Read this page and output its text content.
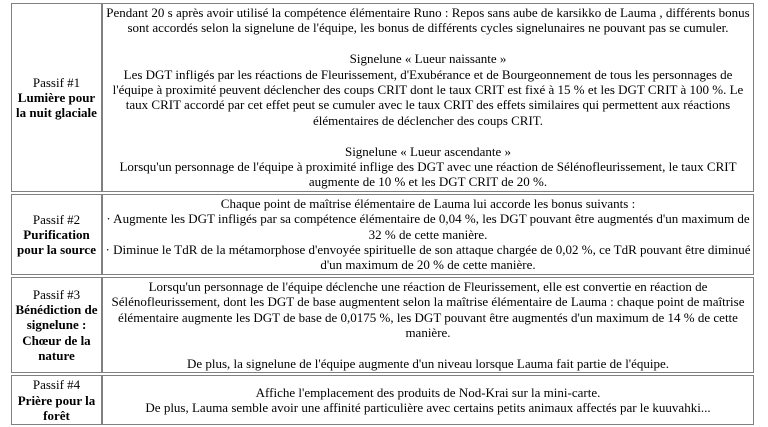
Passif #1
Lumière pour la nuit glaciale

Pendant 20 s après avoir utilisé la compétence élémentaire Runo : Repos sans aube de karsikko de Lauma , différents bonus sont accordés selon la signelune de l'équipe, les bonus de différents cycles signelunaires ne pouvant pas se cumuler.

Signelune « Lueur naissante »

Les DGT infligés par les réactions de Fleurissement, d'Exubérance et de Bourgeonnement de tous les personnages de l'équipe à proximité peuvent déclencher des coups CRIT dont le taux CRIT est fixé à 15 % et les DGT CRIT à 100 %. Le taux CRIT accordé par cet effet peut se cumuler avec le taux CRIT des effets similaires qui permettent aux réactions élémentaires de déclencher des coups CRIT.

Signelune « Lueur ascendante »

Lorsqu'un personnage de l'équipe à proximité inflige des DGT avec une réaction de Sélénofleurissement, le taux CRIT augmente de 10 % et les DGT CRIT de 20 %.

Passif #2
Purification pour la source

Chaque point de maîtrise élémentaire de Lauma lui accorde les bonus suivants :

· Augmente les DGT infligés par sa compétence élémentaire de 0,04 %, les DGT pouvant être augmentés d'un maximum de 32 % de cette manière.

· Diminue le TdR de la métamorphose d'envoyée spirituelle de son attaque chargée de 0,02 %, ce TdR pouvant être diminué d'un maximum de 20 % de cette manière.

Passif #3
Bénédiction de signelune : Chœur de la nature

Lorsqu'un personnage de l'équipe déclenche une réaction de Fleurissement, elle est convertie en réaction de Sélénofleurissement, dont les DGT de base augmentent selon la maîtrise élémentaire de Lauma : chaque point de maîtrise élémentaire augmente les DGT de base de 0,0175 %, les DGT pouvant être augmentés d'un maximum de 14 % de cette manière.

De plus, la signelune de l'équipe augmente d'un niveau lorsque Lauma fait partie de l'équipe.

Passif #4
Prière pour la forêt

Affiche l'emplacement des produits de Nod-Krai sur la mini-carte.

De plus, Lauma semble avoir une affinité particulière avec certains petits animaux affectés par le kuuvahki...
